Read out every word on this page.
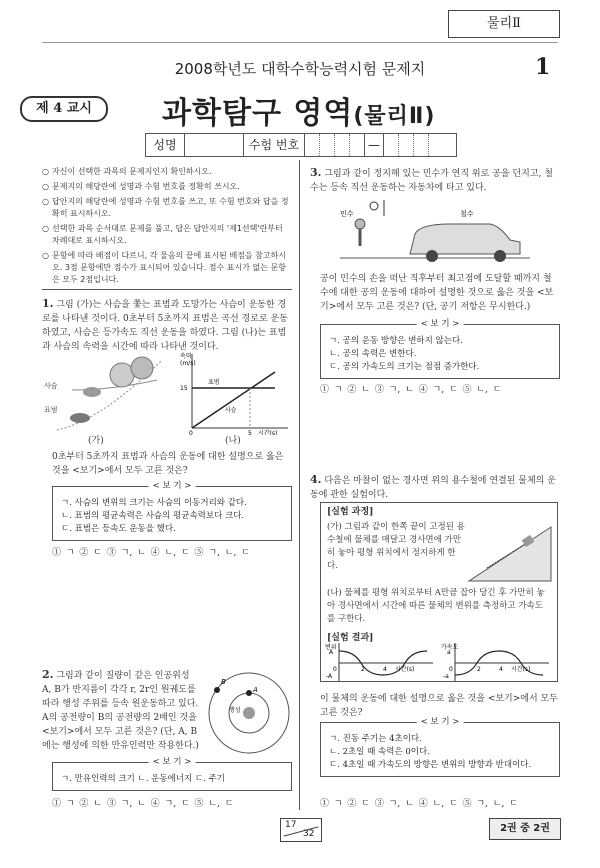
물리Ⅱ
2008학년도 대학수학능력시험 문제지	1
제 4 교시	과학탐구 영역(물리Ⅱ)
성명	수험 번호	—
○ 자신이 선택한 과목의 문제지인지 확인하시오.
○ 문제지의 해당란에 성명과 수험 번호를 정확히 쓰시오.
○ 답안지의 해당란에 성명과 수험 번호를 쓰고, 또 수험 번호와 답을 정확히 표시하시오.
○ 선택한 과목 순서대로 문제를 풀고, 답은 답안지의 '제1선택'란부터 차례대로 표시하시오.
○ 문항에 따라 배점이 다르니, 각 물음의 끝에 표시된 배점을 참고하시오. 3점 문항에만 점수가 표시되어 있습니다. 점수 표시가 없는 문항은 모두 2점입니다.
1. 그림 (가)는 사슴을 쫓는 표범과 도망가는 사슴이 운동한 경로를 나타낸 것이다. 0초부터 5초까지 표범은 곡선 경로로 운동하였고, 사슴은 등가속도 직선 운동을 하였다. 그림 (나)는 표범과 사슴의 속력을 시간에 따라 나타낸 것이다.
사슴
표범
속력
(m/s)
15
0	5 시간(s)
표범
사슴
(가)	(나)
0초부터 5초까지 표범과 사슴의 운동에 대한 설명으로 옳은 것을 <보기>에서 모두 고른 것은?
< 보 기 >
ㄱ. 사슴의 변위의 크기는 사슴의 이동거리와 같다.
ㄴ. 표범의 평균속력은 사슴의 평균속력보다 크다.
ㄷ. 표범은 등속도 운동을 했다.
① ㄱ ② ㄷ ③ ㄱ, ㄴ ④ ㄴ, ㄷ ⑤ ㄱ, ㄴ, ㄷ
2. 그림과 같이 질량이 같은 인공위성 A, B가 반지름이 각각 r, 2r인 원궤도를 따라 행성 주위를 등속 원운동하고 있다. A의 공전량이 B의 공전량의 2배인 것을 <보기>에서 모두 고른 것은? (단, A, B에는 행성에 의한 만유인력만 작용한다.)
행성
A
B
< 보 기 >
ㄱ. 만유인력의 크기 ㄴ. 운동에너지 ㄷ. 주기
① ㄱ ② ㄴ ③ ㄱ, ㄴ ④ ㄱ, ㄷ ⑤ ㄴ, ㄷ
3. 그림과 같이 정지해 있는 민수가 연직 위로 공을 던지고, 철수는 등속 직선 운동하는 자동차에 타고 있다.
민수	철수
공이 민수의 손을 떠난 직후부터 최고점에 도달할 때까지 철수에 대한 공의 운동에 대하여 설명한 것으로 옳은 것을 <보기>에서 모두 고른 것은? (단, 공기 저항은 무시한다.)
< 보 기 >
ㄱ. 공의 운동 방향은 변하지 않는다.
ㄴ. 공의 속력은 변한다.
ㄷ. 공의 가속도의 크기는 점점 증가한다.
① ㄱ ② ㄴ ③ ㄱ, ㄴ ④ ㄱ, ㄷ ⑤ ㄴ, ㄷ
4. 다음은 마찰이 없는 경사면 위의 용수철에 연결된 물체의 운동에 관한 실험이다.
[실험 과정]
(가) 그림과 같이 한쪽 끝이 고정된 용수철에 물체를 매달고 경사면에 가만히 놓아 평형 위치에서 정지하게 한다.
(나) 물체를 평형 위치로부터 A만큼 잡아 당긴 후 가만히 놓아 경사면에서 시간에 따른 물체의 변위를 측정하고 가속도를 구한다.
[실험 결과]
변위
A
-A
0	2	4 시간(s)
가속도
a
-a
0	2	4 시간(s)
이 물체의 운동에 대한 설명으로 옳은 것을 <보기>에서 모두 고른 것은?
< 보 기 >
ㄱ. 진동 주기는 4초이다.
ㄴ. 2초일 때 속력은 0이다.
ㄷ. 4초일 때 가속도의 방향은 변위의 방향과 반대이다.
① ㄱ ② ㄷ ③ ㄱ, ㄴ ④ ㄴ, ㄷ ⑤ ㄱ, ㄴ, ㄷ
17
32	2권 중 2권
